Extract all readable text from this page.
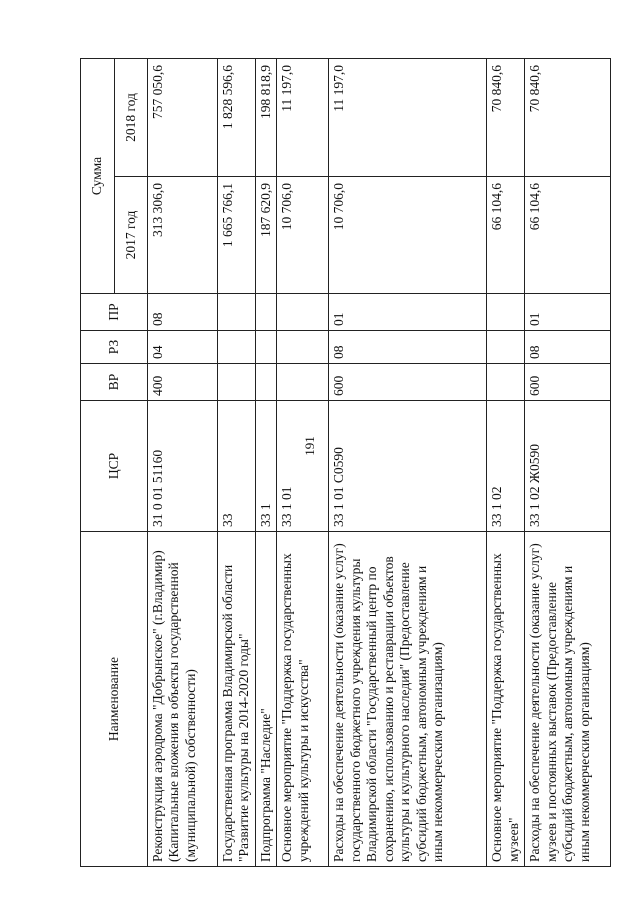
191
Наименование	ЦСР	ВР	РЗ	ПР	Сумма	
					2017 год	2018 год
Реконструкция аэродрома "Добрынское" (г.Владимир) (Капитальные вложения в объекты государственной (муниципальной) собственности)	31 0 01 51160	400	04	08	313 306,0	757 050,6
Государственная программа Владимирской области "Развитие культуры на 2014-2020 годы"	33				1 665 766,1	1 828 596,6
Подпрограмма "Наследие"	33 1				187 620,9	198 818,9
Основное мероприятие "Поддержка государственных учреждений культуры и искусства"	33 1 01				10 706,0	11 197,0
Расходы на обеспечение деятельности (оказание услуг) государственного бюджетного учреждения культуры Владимирской области "Государственный центр по сохранению, использованию и реставрации объектов культуры и культурного наследия" (Предоставление субсидий бюджетным, автономным учреждениям и иным некоммерческим организациям)	33 1 01 С0590	600	08	01	10 706,0	11 197,0
Основное мероприятие "Поддержка государственных музеев"	33 1 02				66 104,6	70 840,6
Расходы на обеспечение деятельности (оказание услуг) музеев и постоянных выставок (Предоставление субсидий бюджетным, автономным учреждениям и иным некоммерческим организациям)	33 1 02 Ж0590	600	08	01	66 104,6	70 840,6
